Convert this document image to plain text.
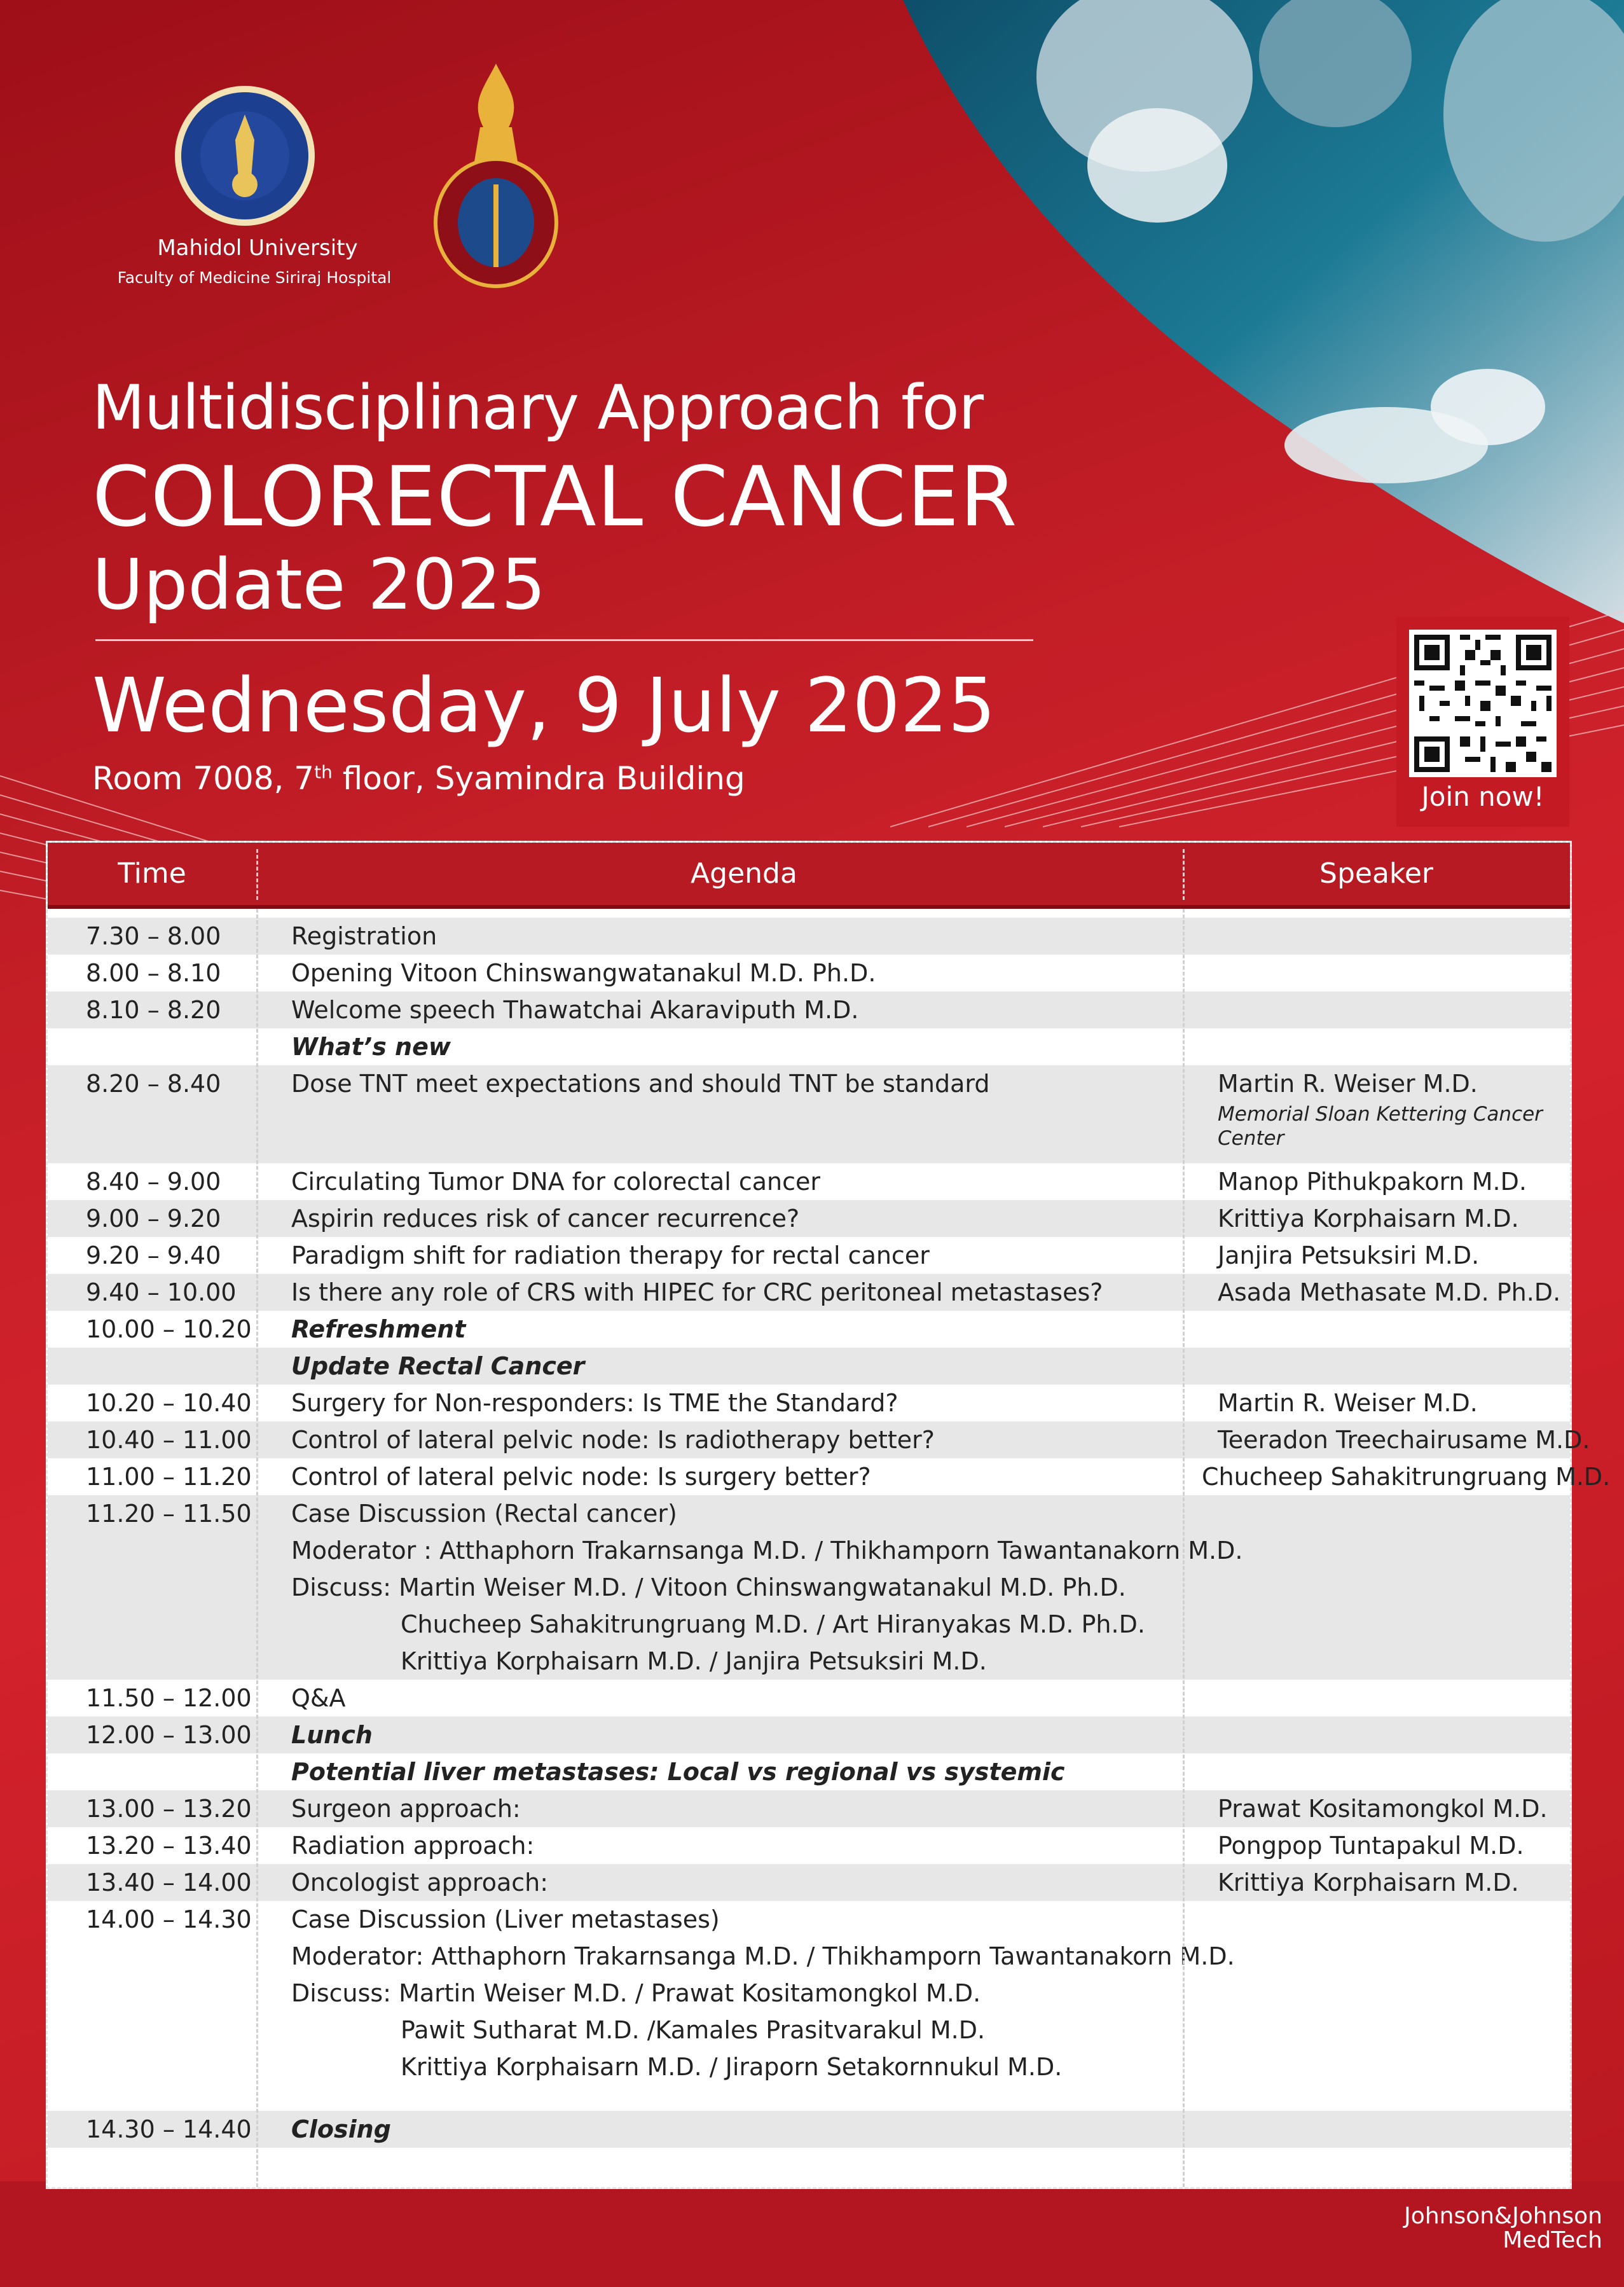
Mahidol University
Faculty of Medicine Siriraj Hospital
Multidisciplinary Approach for
COLORECTAL CANCER
Update 2025
Wednesday, 9 July 2025
Room 7008, 7th floor, Syamindra Building	Join now!
Time	Agenda	Speaker
7.30 – 8.00	Registration
8.00 – 8.10	Opening Vitoon Chinswangwatanakul M.D. Ph.D.
8.10 – 8.20	Welcome speech Thawatchai Akaraviputh M.D.
What’s new
8.20 – 8.40	Dose TNT meet expectations and should TNT be standard	Martin R. Weiser M.D.
Memorial Sloan Kettering Cancer
Center
8.40 – 9.00	Circulating Tumor DNA for colorectal cancer	Manop Pithukpakorn M.D.
9.00 – 9.20	Aspirin reduces risk of cancer recurrence?	Krittiya Korphaisarn M.D.
9.20 – 9.40	Paradigm shift for radiation therapy for rectal cancer	Janjira Petsuksiri M.D.
9.40 – 10.00	Is there any role of CRS with HIPEC for CRC peritoneal metastases?	Asada Methasate M.D. Ph.D.
10.00 – 10.20 Refreshment
Update Rectal Cancer
10.20 – 10.40 Surgery for Non-responders: Is TME the Standard?	Martin R. Weiser M.D.
10.40 – 11.00 Control of lateral pelvic node: Is radiotherapy better?	Teeradon Treechairusame M.D.
11.00 – 11.20 Control of lateral pelvic node: Is surgery better?	Chucheep Sahakitrungruang M.D.
11.20 – 11.50 Case Discussion (Rectal cancer)
Moderator : Atthaphorn Trakarnsanga M.D. / Thikhamporn Tawantanakorn M.D.
Discuss: Martin Weiser M.D. / Vitoon Chinswangwatanakul M.D. Ph.D.
Chucheep Sahakitrungruang M.D. / Art Hiranyakas M.D. Ph.D.
Krittiya Korphaisarn M.D. / Janjira Petsuksiri M.D.
11.50 – 12.00 Q&A
12.00 – 13.00 Lunch
Potential liver metastases: Local vs regional vs systemic
13.00 – 13.20 Surgeon approach:	Prawat Kositamongkol M.D.
13.20 – 13.40 Radiation approach:	Pongpop Tuntapakul M.D.
13.40 – 14.00 Oncologist approach:	Krittiya Korphaisarn M.D.
14.00 – 14.30 Case Discussion (Liver metastases)
Moderator: Atthaphorn Trakarnsanga M.D. / Thikhamporn Tawantanakorn M.D.
Discuss: Martin Weiser M.D. / Prawat Kositamongkol M.D.
Pawit Sutharat M.D. /Kamales Prasitvarakul M.D.
Krittiya Korphaisarn M.D. / Jiraporn Setakornnukul M.D.
14.30 – 14.40 Closing
Johnson&Johnson
MedTech
